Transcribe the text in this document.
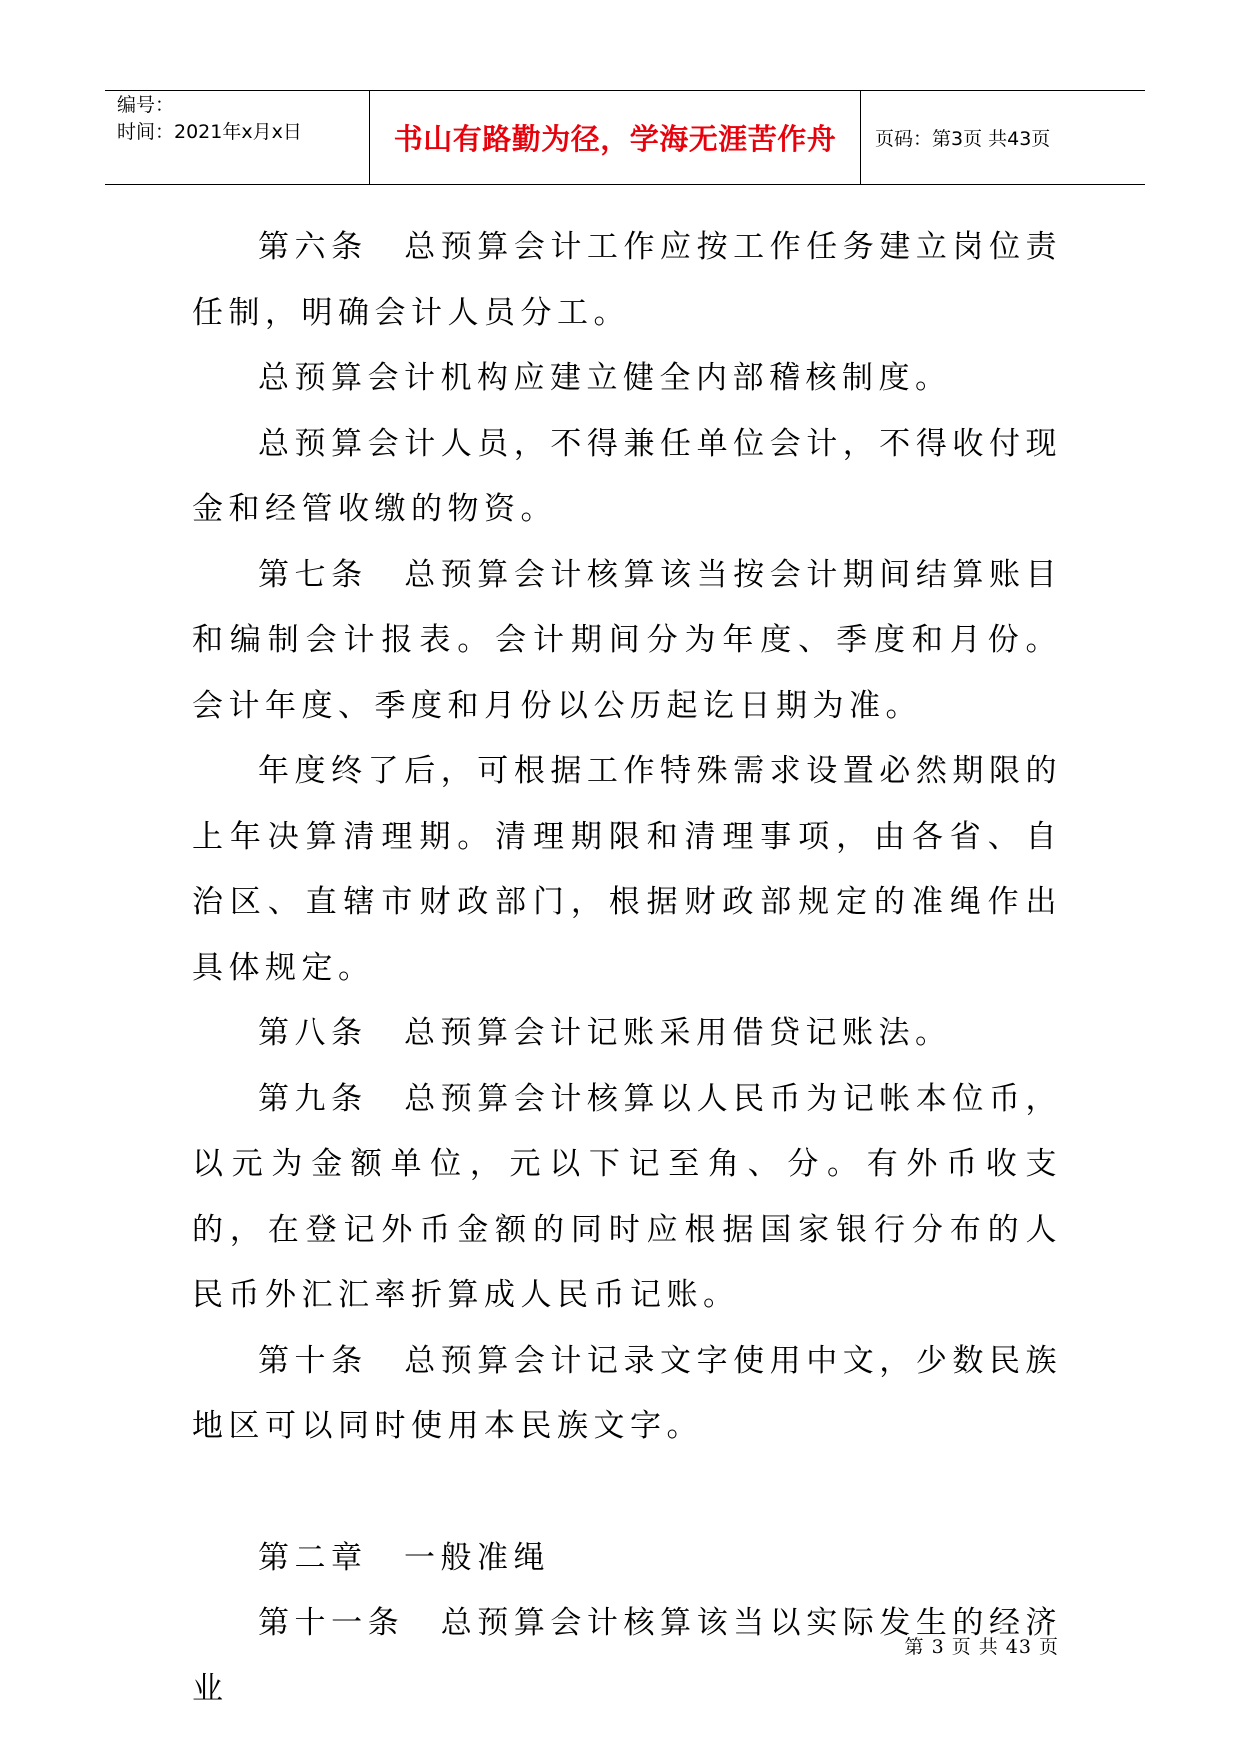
编号：
时间：2021年x月x日	书山有路勤为径，学海无涯苦作舟	页码：第3页 共43页

第六条　总预算会计工作应按工作任务建立岗位责任制，明确会计人员分工。

总预算会计机构应建立健全内部稽核制度。

总预算会计人员，不得兼任单位会计，不得收付现金和经管收缴的物资。

第七条　总预算会计核算该当按会计期间结算账目和编制会计报表。会计期间分为年度、季度和月份。会计年度、季度和月份以公历起讫日期为准。

年度终了后，可根据工作特殊需求设置必然期限的上年决算清理期。清理期限和清理事项，由各省、自治区、直辖市财政部门，根据财政部规定的准绳作出具体规定。

第八条　总预算会计记账采用借贷记账法。

第九条　总预算会计核算以人民币为记帐本位币，以元为金额单位，元以下记至角、分。有外币收支的，在登记外币金额的同时应根据国家银行分布的人民币外汇汇率折算成人民币记账。

第十条　总预算会计记录文字使用中文，少数民族地区可以同时使用本民族文字。

第二章　一般准绳

第十一条　总预算会计核算该当以实际发生的经济业

第 3 页 共 43 页
